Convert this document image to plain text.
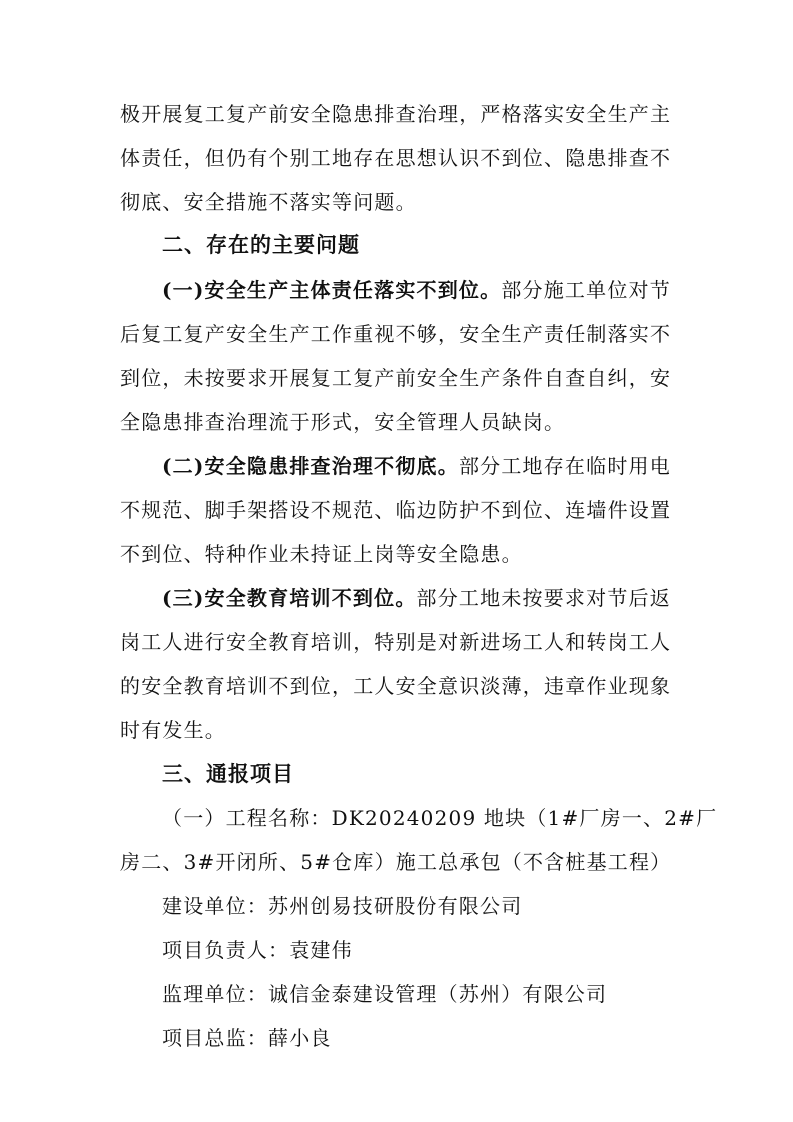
极开展复工复产前安全隐患排查治理，严格落实安全生产主
体责任，但仍有个别工地存在思想认识不到位、隐患排查不
彻底、安全措施不落实等问题。
二、存在的主要问题
(一)安全生产主体责任落实不到位。部分施工单位对节
后复工复产安全生产工作重视不够，安全生产责任制落实不
到位，未按要求开展复工复产前安全生产条件自查自纠，安
全隐患排查治理流于形式，安全管理人员缺岗。
(二)安全隐患排查治理不彻底。部分工地存在临时用电
不规范、脚手架搭设不规范、临边防护不到位、连墙件设置
不到位、特种作业未持证上岗等安全隐患。
(三)安全教育培训不到位。部分工地未按要求对节后返
岗工人进行安全教育培训，特别是对新进场工人和转岗工人
的安全教育培训不到位，工人安全意识淡薄，违章作业现象
时有发生。
三、通报项目
（一）工程名称：DK20240209 地块（1#厂房一、2#厂
房二、3#开闭所、5#仓库）施工总承包（不含桩基工程）
建设单位：苏州创易技研股份有限公司
项目负责人：袁建伟
监理单位：诚信金泰建设管理（苏州）有限公司
项目总监：薛小良
